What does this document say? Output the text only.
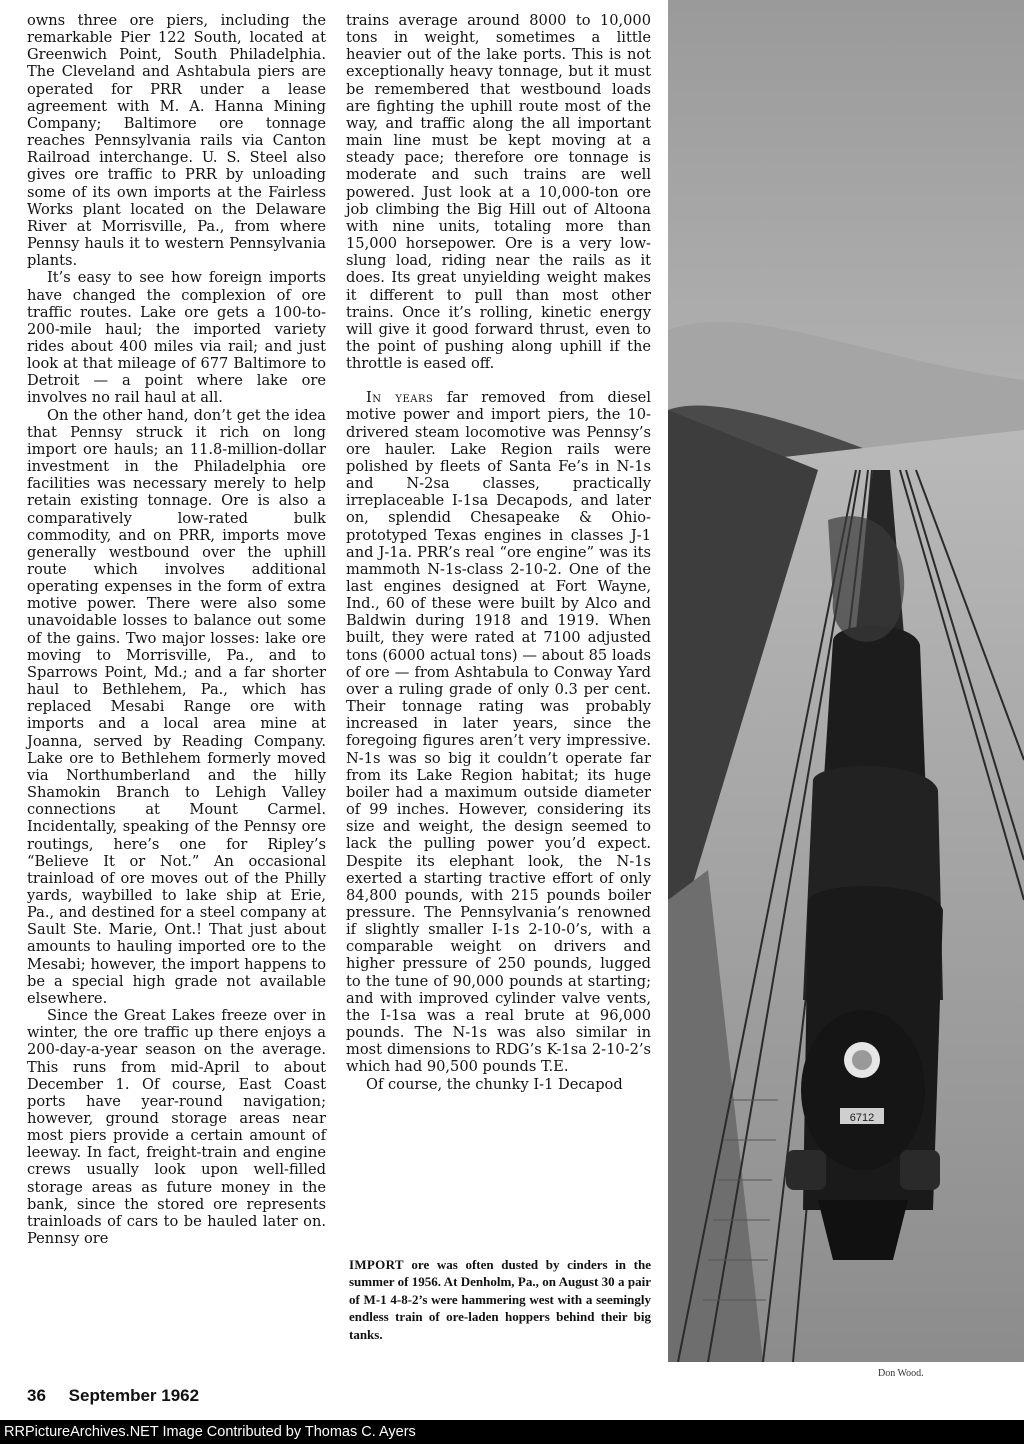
owns three ore piers, including the remarkable Pier 122 South, located at Greenwich Point, South Philadelphia. The Cleveland and Ashtabula piers are operated for PRR under a lease agreement with M. A. Hanna Mining Company; Baltimore ore tonnage reaches Pennsylvania rails via Canton Railroad interchange. U. S. Steel also gives ore traffic to PRR by unloading some of its own imports at the Fairless Works plant located on the Delaware River at Morrisville, Pa., from where Pennsy hauls it to western Pennsylvania plants.

It’s easy to see how foreign imports have changed the complexion of ore traffic routes. Lake ore gets a 100-to-200-mile haul; the imported variety rides about 400 miles via rail; and just look at that mileage of 677 Baltimore to Detroit — a point where lake ore involves no rail haul at all.

On the other hand, don’t get the idea that Pennsy struck it rich on long import ore hauls; an 11.8-million-dollar investment in the Philadelphia ore facilities was necessary merely to help retain existing tonnage. Ore is also a comparatively low-rated bulk commodity, and on PRR, imports move generally westbound over the uphill route which involves additional operating expenses in the form of extra motive power. There were also some unavoidable losses to balance out some of the gains. Two major losses: lake ore moving to Morrisville, Pa., and to Sparrows Point, Md.; and a far shorter haul to Bethlehem, Pa., which has replaced Mesabi Range ore with imports and a local area mine at Joanna, served by Reading Company. Lake ore to Bethlehem formerly moved via Northumberland and the hilly Shamokin Branch to Lehigh Valley connections at Mount Carmel. Incidentally, speaking of the Pennsy ore routings, here’s one for Ripley’s “Believe It or Not.” An occasional trainload of ore moves out of the Philly yards, waybilled to lake ship at Erie, Pa., and destined for a steel company at Sault Ste. Marie, Ont.! That just about amounts to hauling imported ore to the Mesabi; however, the import happens to be a special high grade not available elsewhere.

Since the Great Lakes freeze over in winter, the ore traffic up there enjoys a 200-day-a-year season on the average. This runs from mid-April to about December 1. Of course, East Coast ports have year-round navigation; however, ground storage areas near most piers provide a certain amount of leeway. In fact, freight-train and engine crews usually look upon well-filled storage areas as future money in the bank, since the stored ore represents trainloads of cars to be hauled later on. Pennsy ore

trains average around 8000 to 10,000 tons in weight, sometimes a little heavier out of the lake ports. This is not exceptionally heavy tonnage, but it must be remembered that westbound loads are fighting the uphill route most of the way, and traffic along the all important main line must be kept moving at a steady pace; therefore ore tonnage is moderate and such trains are well powered. Just look at a 10,000-ton ore job climbing the Big Hill out of Altoona with nine units, totaling more than 15,000 horsepower. Ore is a very low-slung load, riding near the rails as it does. Its great unyielding weight makes it different to pull than most other trains. Once it’s rolling, kinetic energy will give it good forward thrust, even to the point of pushing along uphill if the throttle is eased off.

In years far removed from diesel motive power and import piers, the 10-drivered steam locomotive was Pennsy’s ore hauler. Lake Region rails were polished by fleets of Santa Fe’s in N-1s and N-2sa classes, practically irreplaceable I-1sa Decapods, and later on, splendid Chesapeake & Ohio-prototyped Texas engines in classes J-1 and J-1a. PRR’s real “ore engine” was its mammoth N-1s-class 2-10-2. One of the last engines designed at Fort Wayne, Ind., 60 of these were built by Alco and Baldwin during 1918 and 1919. When built, they were rated at 7100 adjusted tons (6000 actual tons) — about 85 loads of ore — from Ashtabula to Conway Yard over a ruling grade of only 0.3 per cent. Their tonnage rating was probably increased in later years, since the foregoing figures aren’t very impressive. N-1s was so big it couldn’t operate far from its Lake Region habitat; its huge boiler had a maximum outside diameter of 99 inches. However, considering its size and weight, the design seemed to lack the pulling power you’d expect. Despite its elephant look, the N-1s exerted a starting tractive effort of only 84,800 pounds, with 215 pounds boiler pressure. The Pennsylvania’s renowned if slightly smaller I-1s 2-10-0’s, with a comparable weight on drivers and higher pressure of 250 pounds, lugged to the tune of 90,000 pounds at starting; and with improved cylinder valve vents, the I-1sa was a real brute at 96,000 pounds. The N-1s was also similar in most dimensions to RDG’s K-1sa 2-10-2’s which had 90,500 pounds T.E.

Of course, the chunky I-1 Decapod

6712
Don Wood.
IMPORT ore was often dusted by cinders in the summer of 1956. At Denholm, Pa., on August 30 a pair of M-1 4-8-2’s were hammering west with a seemingly endless train of ore-laden hoppers behind their big tanks.
36 September 1962
RRPictureArchives.NET Image Contributed by Thomas C. Ayers
